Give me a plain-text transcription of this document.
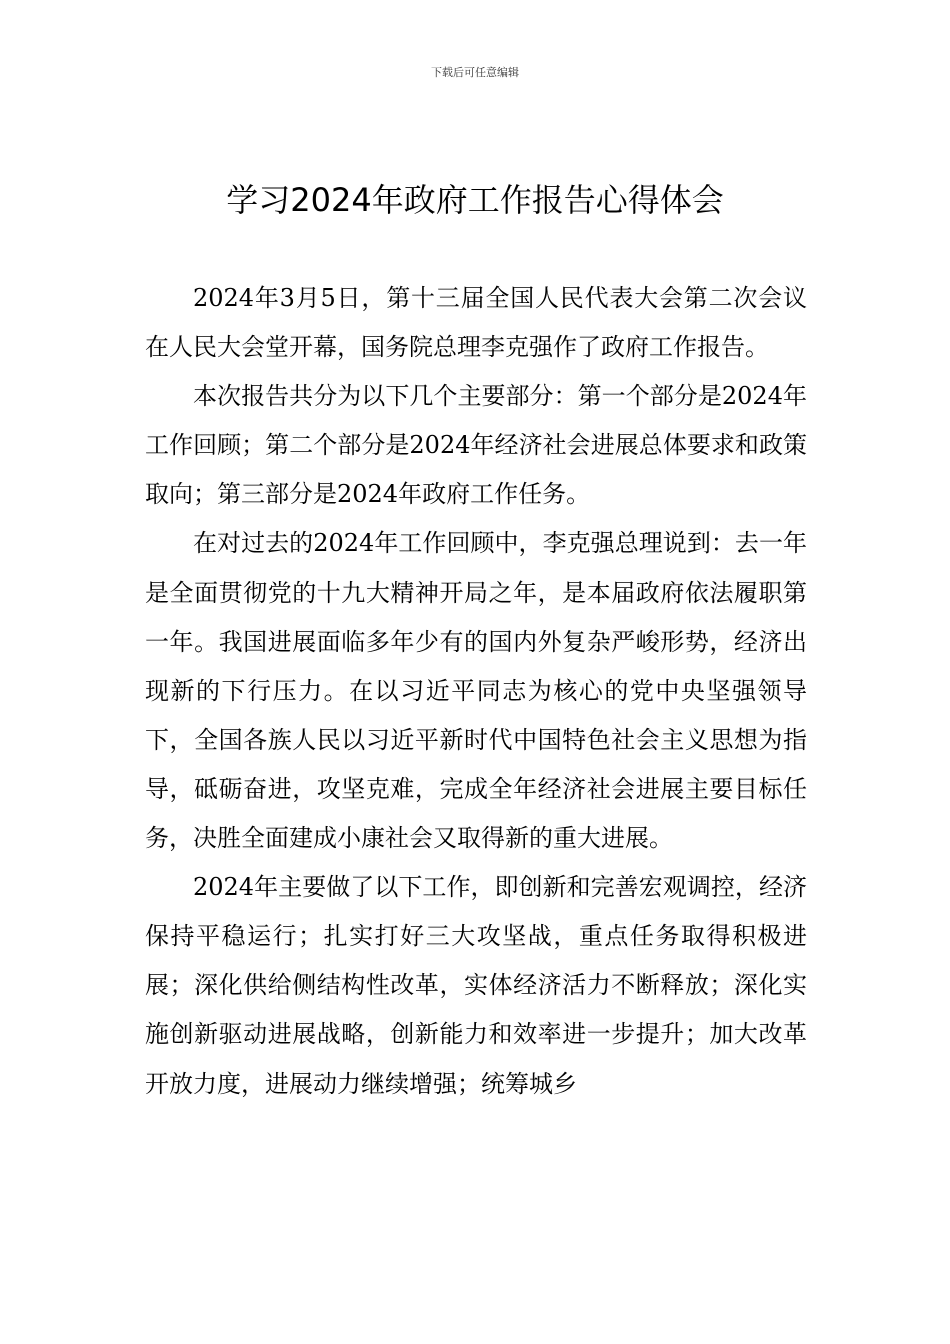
下载后可任意编辑
学习2024年政府工作报告心得体会

2024年3月5日，第十三届全国人民代表大会第二次会议在人民大会堂开幕，国务院总理李克强作了政府工作报告。

本次报告共分为以下几个主要部分：第一个部分是2024年工作回顾；第二个部分是2024年经济社会进展总体要求和政策取向；第三部分是2024年政府工作任务。

在对过去的2024年工作回顾中，李克强总理说到：去一年是全面贯彻党的十九大精神开局之年，是本届政府依法履职第一年。我国进展面临多年少有的国内外复杂严峻形势，经济出现新的下行压力。在以习近平同志为核心的党中央坚强领导下，全国各族人民以习近平新时代中国特色社会主义思想为指导，砥砺奋进，攻坚克难，完成全年经济社会进展主要目标任务，决胜全面建成小康社会又取得新的重大进展。

2024年主要做了以下工作，即创新和完善宏观调控，经济保持平稳运行；扎实打好三大攻坚战，重点任务取得积极进展；深化供给侧结构性改革，实体经济活力不断释放；深化实施创新驱动进展战略，创新能力和效率进一步提升；加大改革开放力度，进展动力继续增强；统筹城乡
